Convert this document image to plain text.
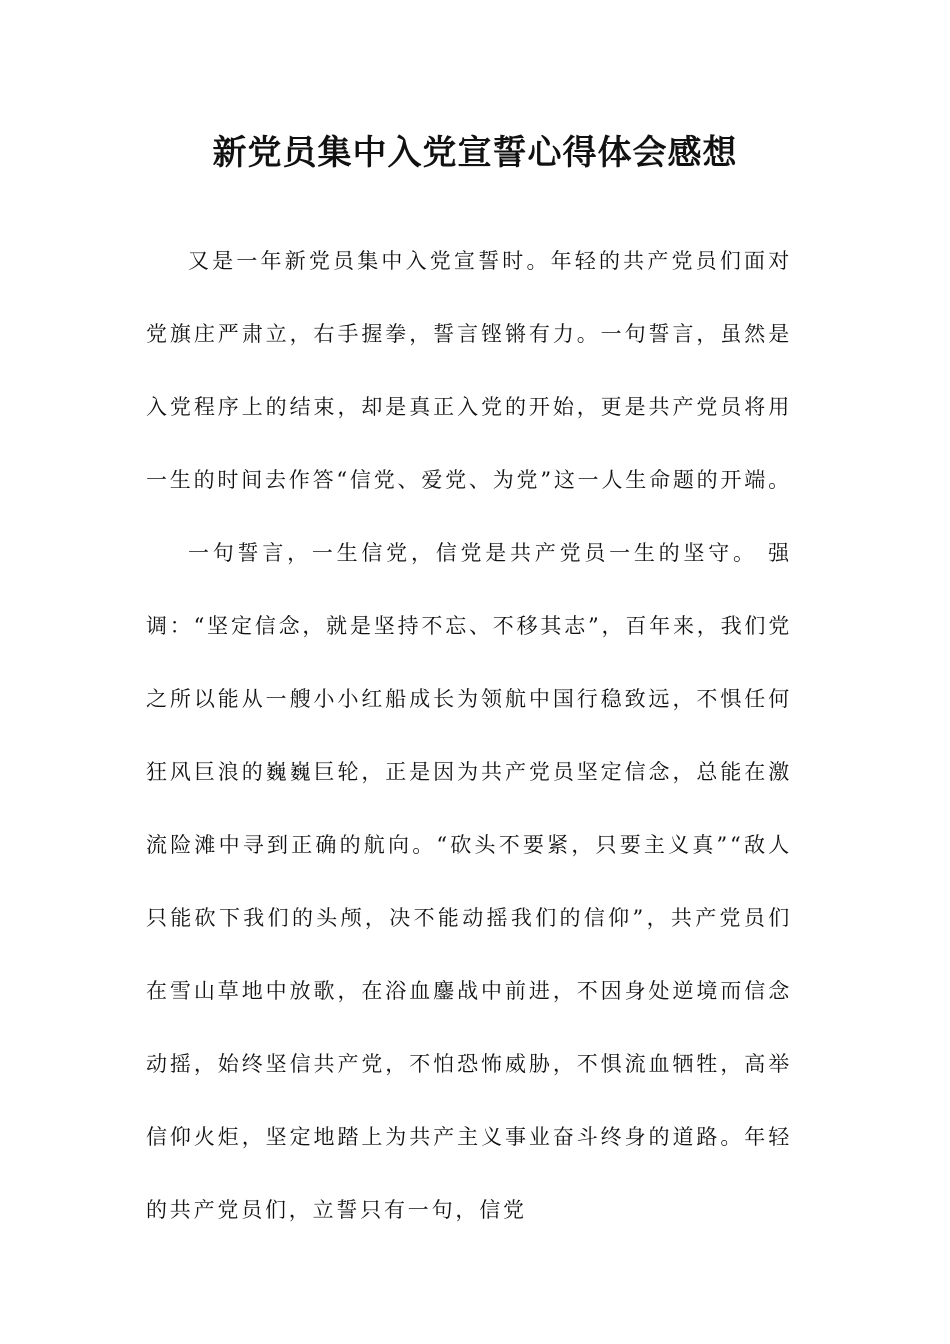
新党员集中入党宣誓心得体会感想

又是一年新党员集中入党宣誓时。年轻的共产党员们面对党旗庄严肃立，右手握拳，誓言铿锵有力。一句誓言，虽然是入党程序上的结束，却是真正入党的开始，更是共产党员将用一生的时间去作答“信党、爱党、为党”这一人生命题的开端。

一句誓言，一生信党，信党是共产党员一生的坚守。 强调：“坚定信念，就是坚持不忘、不移其志”，百年来，我们党之所以能从一艘小小红船成长为领航中国行稳致远，不惧任何狂风巨浪的巍巍巨轮，正是因为共产党员坚定信念，总能在激流险滩中寻到正确的航向。“砍头不要紧，只要主义真”“敌人只能砍下我们的头颅，决不能动摇我们的信仰”，共产党员们在雪山草地中放歌，在浴血鏖战中前进，不因身处逆境而信念动摇，始终坚信共产党，不怕恐怖威胁，不惧流血牺牲，高举信仰火炬，坚定地踏上为共产主义事业奋斗终身的道路。年轻的共产党员们，立誓只有一句，信党
